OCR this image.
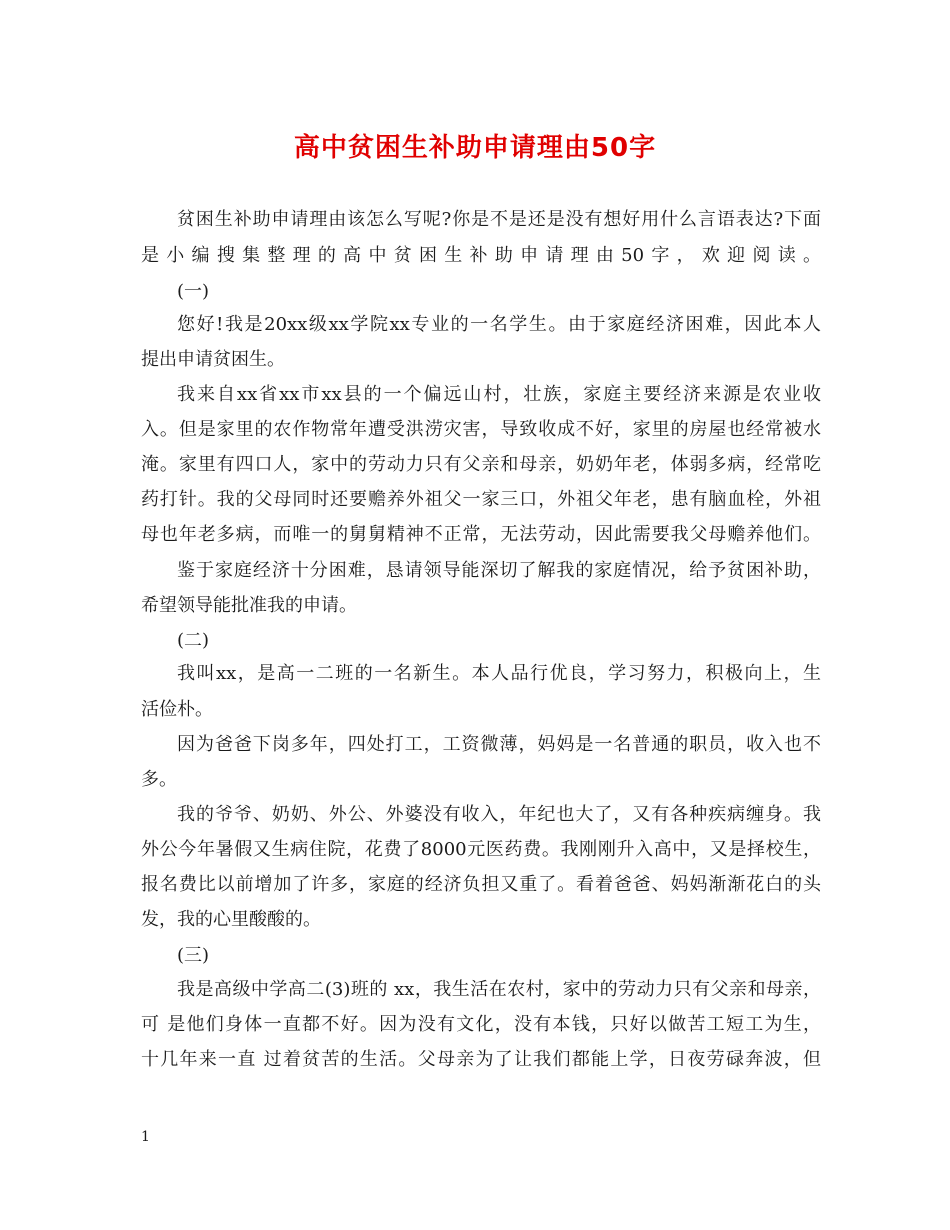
高中贫困生补助申请理由50字
贫困生补助申请理由该怎么写呢?你是不是还是没有想好用什么言语表达?下面
是小编搜集整理的高中贫困生补助申请理由50字，欢迎阅读。
(一)
您好!我是20xx级xx学院xx专业的一名学生。由于家庭经济困难，因此本人
提出申请贫困生。
我来自xx省xx市xx县的一个偏远山村，壮族，家庭主要经济来源是农业收
入。但是家里的农作物常年遭受洪涝灾害，导致收成不好，家里的房屋也经常被水
淹。家里有四口人，家中的劳动力只有父亲和母亲，奶奶年老，体弱多病，经常吃
药打针。我的父母同时还要赡养外祖父一家三口，外祖父年老，患有脑血栓，外祖
母也年老多病，而唯一的舅舅精神不正常，无法劳动，因此需要我父母赡养他们。
鉴于家庭经济十分困难，恳请领导能深切了解我的家庭情况，给予贫困补助，
希望领导能批准我的申请。
(二)
我叫xx，是高一二班的一名新生。本人品行优良，学习努力，积极向上，生
活俭朴。
因为爸爸下岗多年，四处打工，工资微薄，妈妈是一名普通的职员，收入也不
多。
我的爷爷、奶奶、外公、外婆没有收入，年纪也大了，又有各种疾病缠身。我
外公今年暑假又生病住院，花费了8000元医药费。我刚刚升入高中，又是择校生，
报名费比以前增加了许多，家庭的经济负担又重了。看着爸爸、妈妈渐渐花白的头
发，我的心里酸酸的。
(三)
我是高级中学高二(3)班的 xx，我生活在农村，家中的劳动力只有父亲和母亲，
可 是他们身体一直都不好。因为没有文化，没有本钱，只好以做苦工短工为生，
十几年来一直 过着贫苦的生活。父母亲为了让我们都能上学，日夜劳碌奔波，但
1
